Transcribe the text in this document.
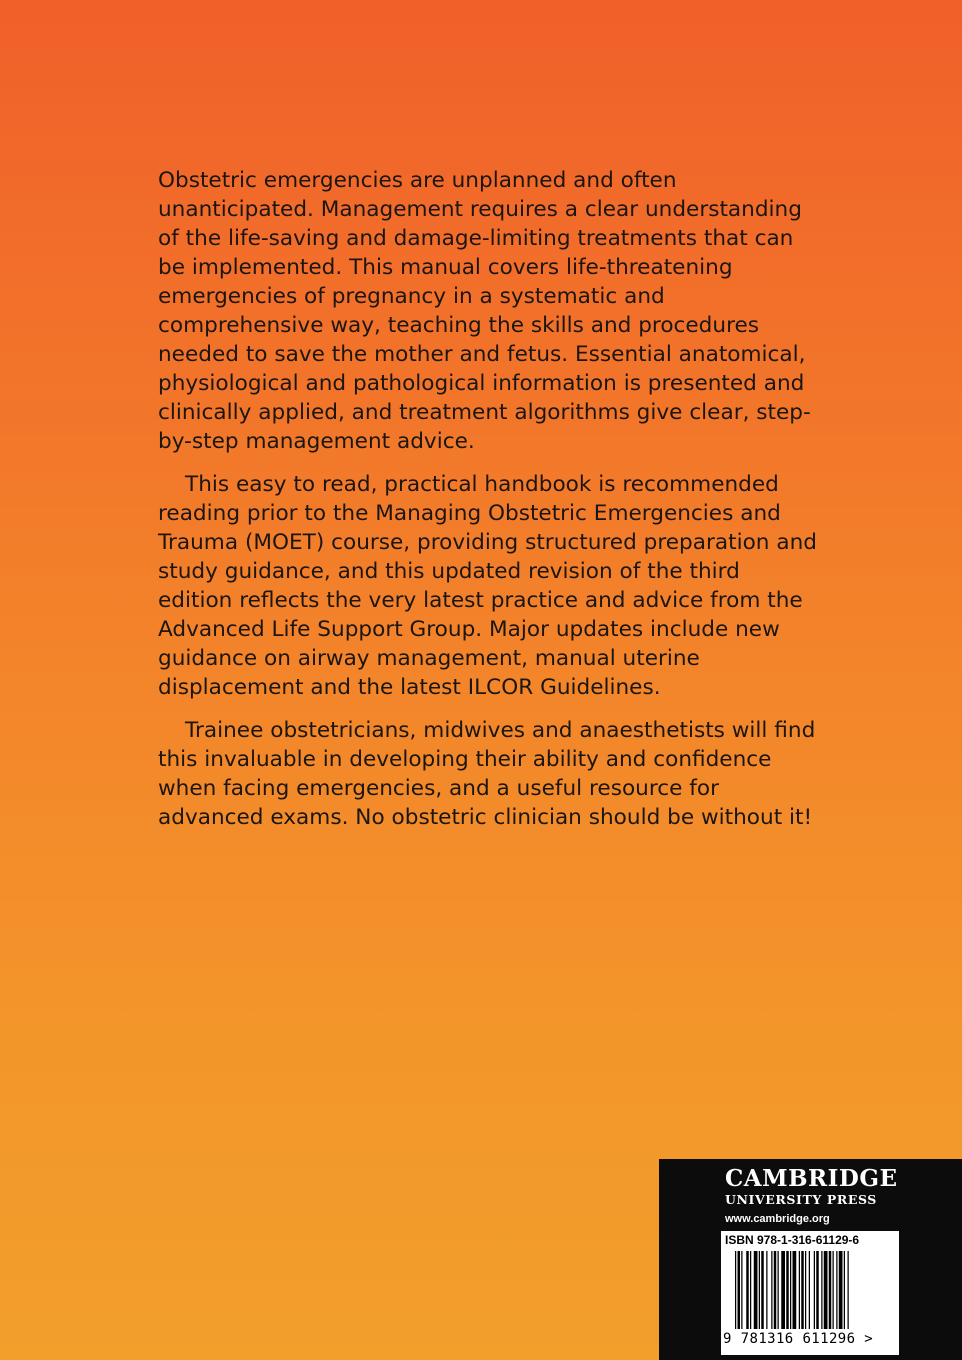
Obstetric emergencies are unplanned and often unanticipated. Management requires a clear understanding of the life-saving and damage-limiting treatments that can be implemented. This manual covers life-threatening emergencies of pregnancy in a systematic and comprehensive way, teaching the skills and procedures needed to save the mother and fetus. Essential anatomical, physiological and pathological information is presented and clinically applied, and treatment algorithms give clear, step-by-step management advice.

This easy to read, practical handbook is recommended reading prior to the Managing Obstetric Emergencies and Trauma (MOET) course, providing structured preparation and study guidance, and this updated revision of the third edition reflects the very latest practice and advice from the Advanced Life Support Group. Major updates include new guidance on airway management, manual uterine displacement and the latest ILCOR Guidelines.

Trainee obstetricians, midwives and anaesthetists will find this invaluable in developing their ability and confidence when facing emergencies, and a useful resource for advanced exams. No obstetric clinician should be without it!

CAMBRIDGE
UNIVERSITY PRESS
www.cambridge.org
ISBN 978-1-316-61129-6
9 781316 611296 >
